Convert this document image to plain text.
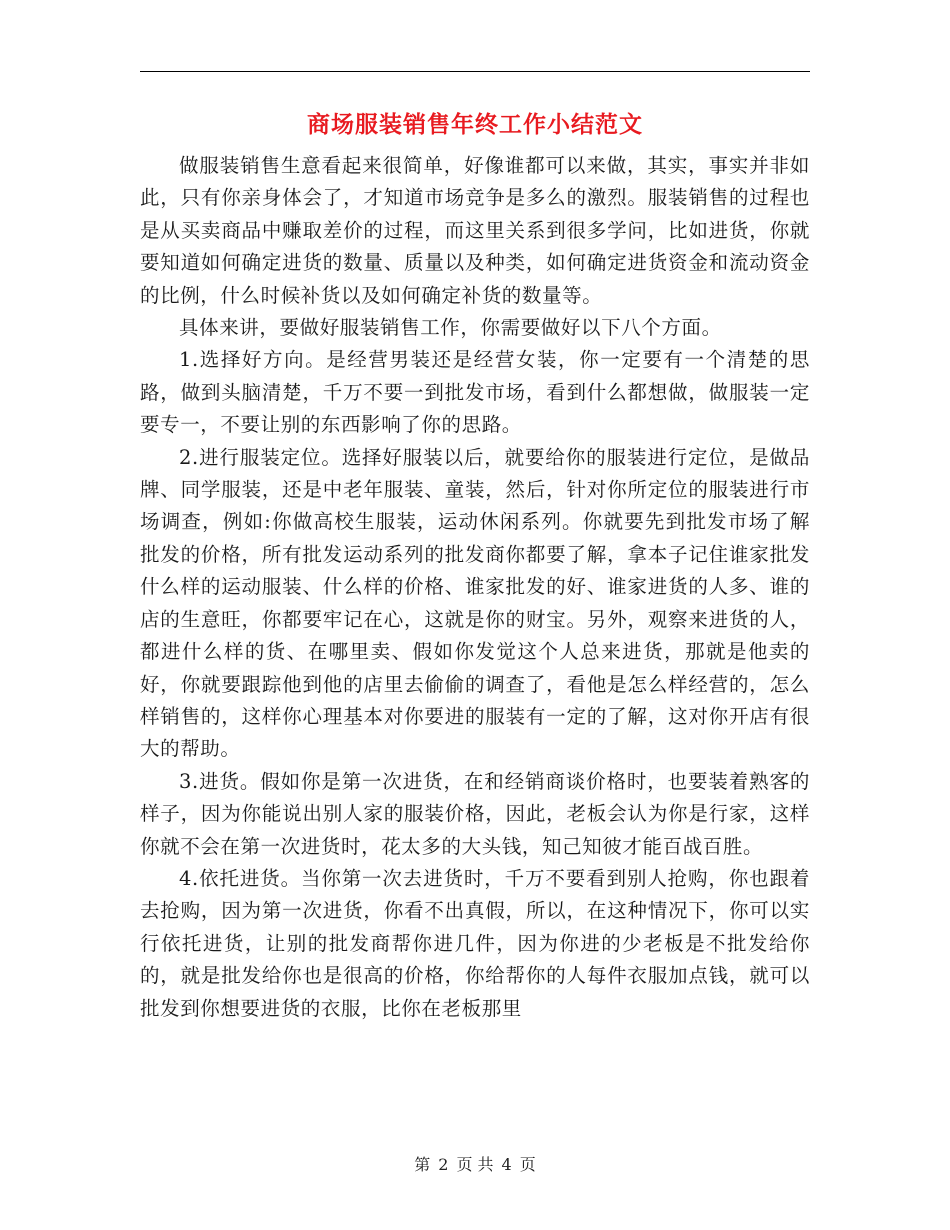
商场服装销售年终工作小结范文

做服装销售生意看起来很简单，好像谁都可以来做，其实，事实并非如此，只有你亲身体会了，才知道市场竞争是多么的激烈。服装销售的过程也是从买卖商品中赚取差价的过程，而这里关系到很多学问，比如进货，你就要知道如何确定进货的数量、质量以及种类，如何确定进货资金和流动资金的比例，什么时候补货以及如何确定补货的数量等。

具体来讲，要做好服装销售工作，你需要做好以下八个方面。

1.选择好方向。是经营男装还是经营女装，你一定要有一个清楚的思路，做到头脑清楚，千万不要一到批发市场，看到什么都想做，做服装一定要专一，不要让别的东西影响了你的思路。

2.进行服装定位。选择好服装以后，就要给你的服装进行定位，是做品牌、同学服装，还是中老年服装、童装，然后，针对你所定位的服装进行市场调查，例如:你做高校生服装，运动休闲系列。你就要先到批发市场了解批发的价格，所有批发运动系列的批发商你都要了解，拿本子记住谁家批发什么样的运动服装、什么样的价格、谁家批发的好、谁家进货的人多、谁的店的生意旺，你都要牢记在心，这就是你的财宝。另外，观察来进货的人，都进什么样的货、在哪里卖、假如你发觉这个人总来进货，那就是他卖的好，你就要跟踪他到他的店里去偷偷的调查了，看他是怎么样经营的，怎么样销售的，这样你心理基本对你要进的服装有一定的了解，这对你开店有很大的帮助。

3.进货。假如你是第一次进货，在和经销商谈价格时，也要装着熟客的样子，因为你能说出别人家的服装价格，因此，老板会认为你是行家，这样你就不会在第一次进货时，花太多的大头钱，知己知彼才能百战百胜。

4.依托进货。当你第一次去进货时，千万不要看到别人抢购，你也跟着去抢购，因为第一次进货，你看不出真假，所以，在这种情况下，你可以实行依托进货，让别的批发商帮你进几件，因为你进的少老板是不批发给你的，就是批发给你也是很高的价格，你给帮你的人每件衣服加点钱，就可以批发到你想要进货的衣服，比你在老板那里

第 2 页 共 4 页
